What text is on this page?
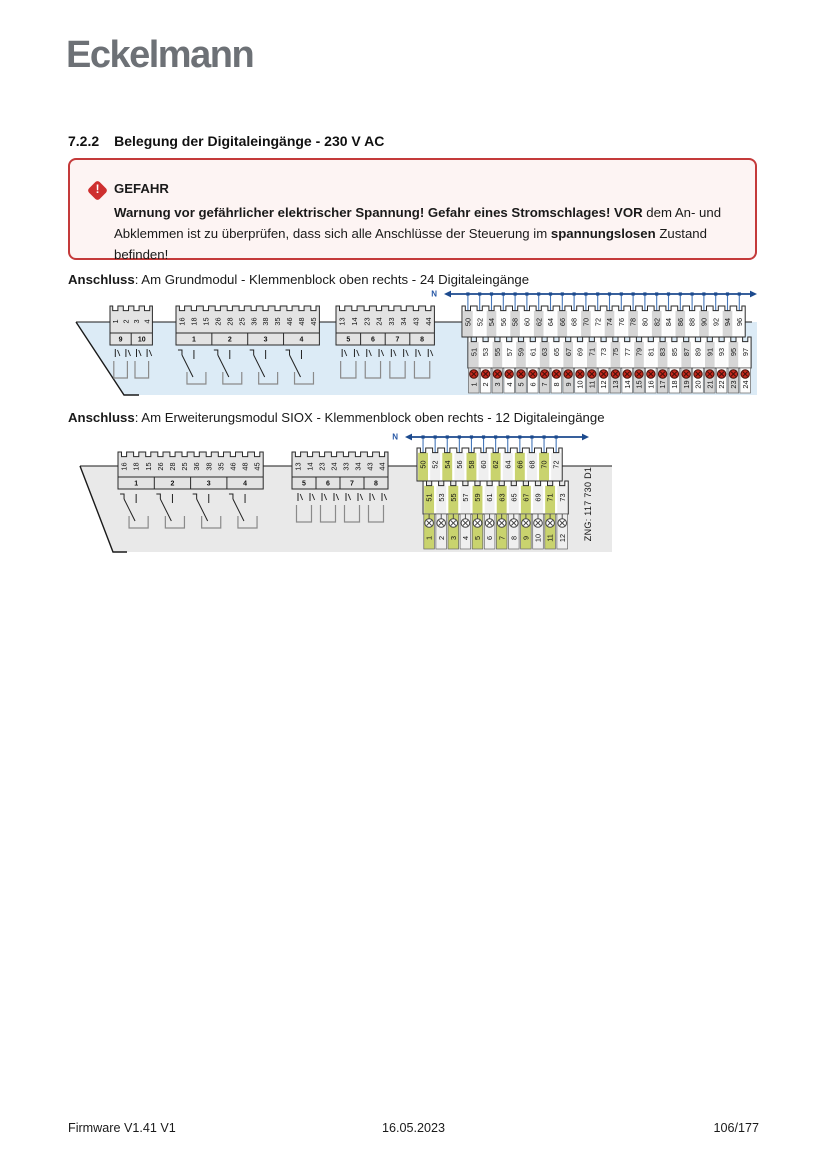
Eckelmann
7.2.2 Belegung der Digitaleingänge - 230 V AC
!	GEFAHR
Warnung vor gefährlicher elektrischer Spannung! Gefahr eines Stromschlages! VOR dem An- und Abklemmen ist zu überprüfen, dass sich alle Anschlüsse der Steuerung im spannungslosen Zustand befinden!
Anschluss: Am Grundmodul - Klemmenblock oben rechts - 24 Digitaleingänge
Anschluss: Am Erweiterungsmodul SIOX - Klemmenblock oben rechts - 12 Digitaleingänge
N
1 2 3 4
9 10
16 18 15 26 28 25 36 38 35 46 48 45
1	2	3	4
13 14 23 24 33 34 43 44
5	6	7	8
50 52 54 56 58 60 62 64 66 68 70 72 74 76 78 80 82 84 86 88 90 92 94 96
51 53 55 57 59 61 63 65 67 69 71 73 75 77 79 81 83 85 87 89 91 93 95 97
1 2 3 4 5 6 7 8 9 10 11 12 13 14 15 16 17 18 19 20 21 22 23 24
N
16 18 15 26 28 25 36 38 35 46 48 45
1	2	3	4
13 14 23 24 33 34 43 44
5	6	7	8
50 52 54 56 58 60 62 64 66 68 70 72
51 53 55 57 59 61 63 65 67 69 71 73
1 2 3 4 5 6 7 8 9 10 11 12 ZNG: 117 730 D1
Firmware V1.41 V1	16.05.2023	106/177
